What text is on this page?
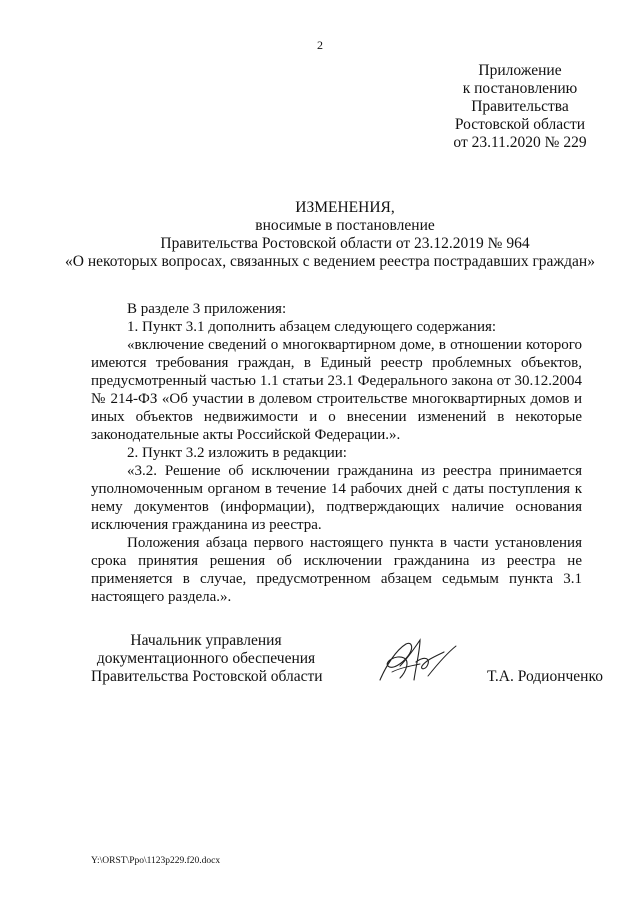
2
Приложение
к постановлению
Правительства
Ростовской области
от 23.11.2020 № 229
ИЗМЕНЕНИЯ,
вносимые в постановление
Правительства Ростовской области от 23.12.2019 № 964
«О некоторых вопросах, связанных с ведением реестра пострадавших граждан»

В разделе 3 приложения:

1. Пункт 3.1 дополнить абзацем следующего содержания:

«включение сведений о многоквартирном доме, в отношении которого имеются требования граждан, в Единый реестр проблемных объектов, предусмотренный частью 1.1 статьи 23.1 Федерального закона от 30.12.2004 № 214-ФЗ «Об участии в долевом строительстве многоквартирных домов и иных объектов недвижимости и о внесении изменений в некоторые законодательные акты Российской Федерации.».

2. Пункт 3.2 изложить в редакции:

«3.2. Решение об исключении гражданина из реестра принимается уполномоченным органом в течение 14 рабочих дней с даты поступления к нему документов (информации), подтверждающих наличие основания исключения гражданина из реестра.

Положения абзаца первого настоящего пункта в части установления срока принятия решения об исключении гражданина из реестра не применяется в случае, предусмотренном абзацем седьмым пункта 3.1 настоящего раздела.».

Начальник управления
документационного обеспечения
Правительства Ростовской области	Т.А. Родионченко
Y:\ORST\Ppo\1123p229.f20.docx
